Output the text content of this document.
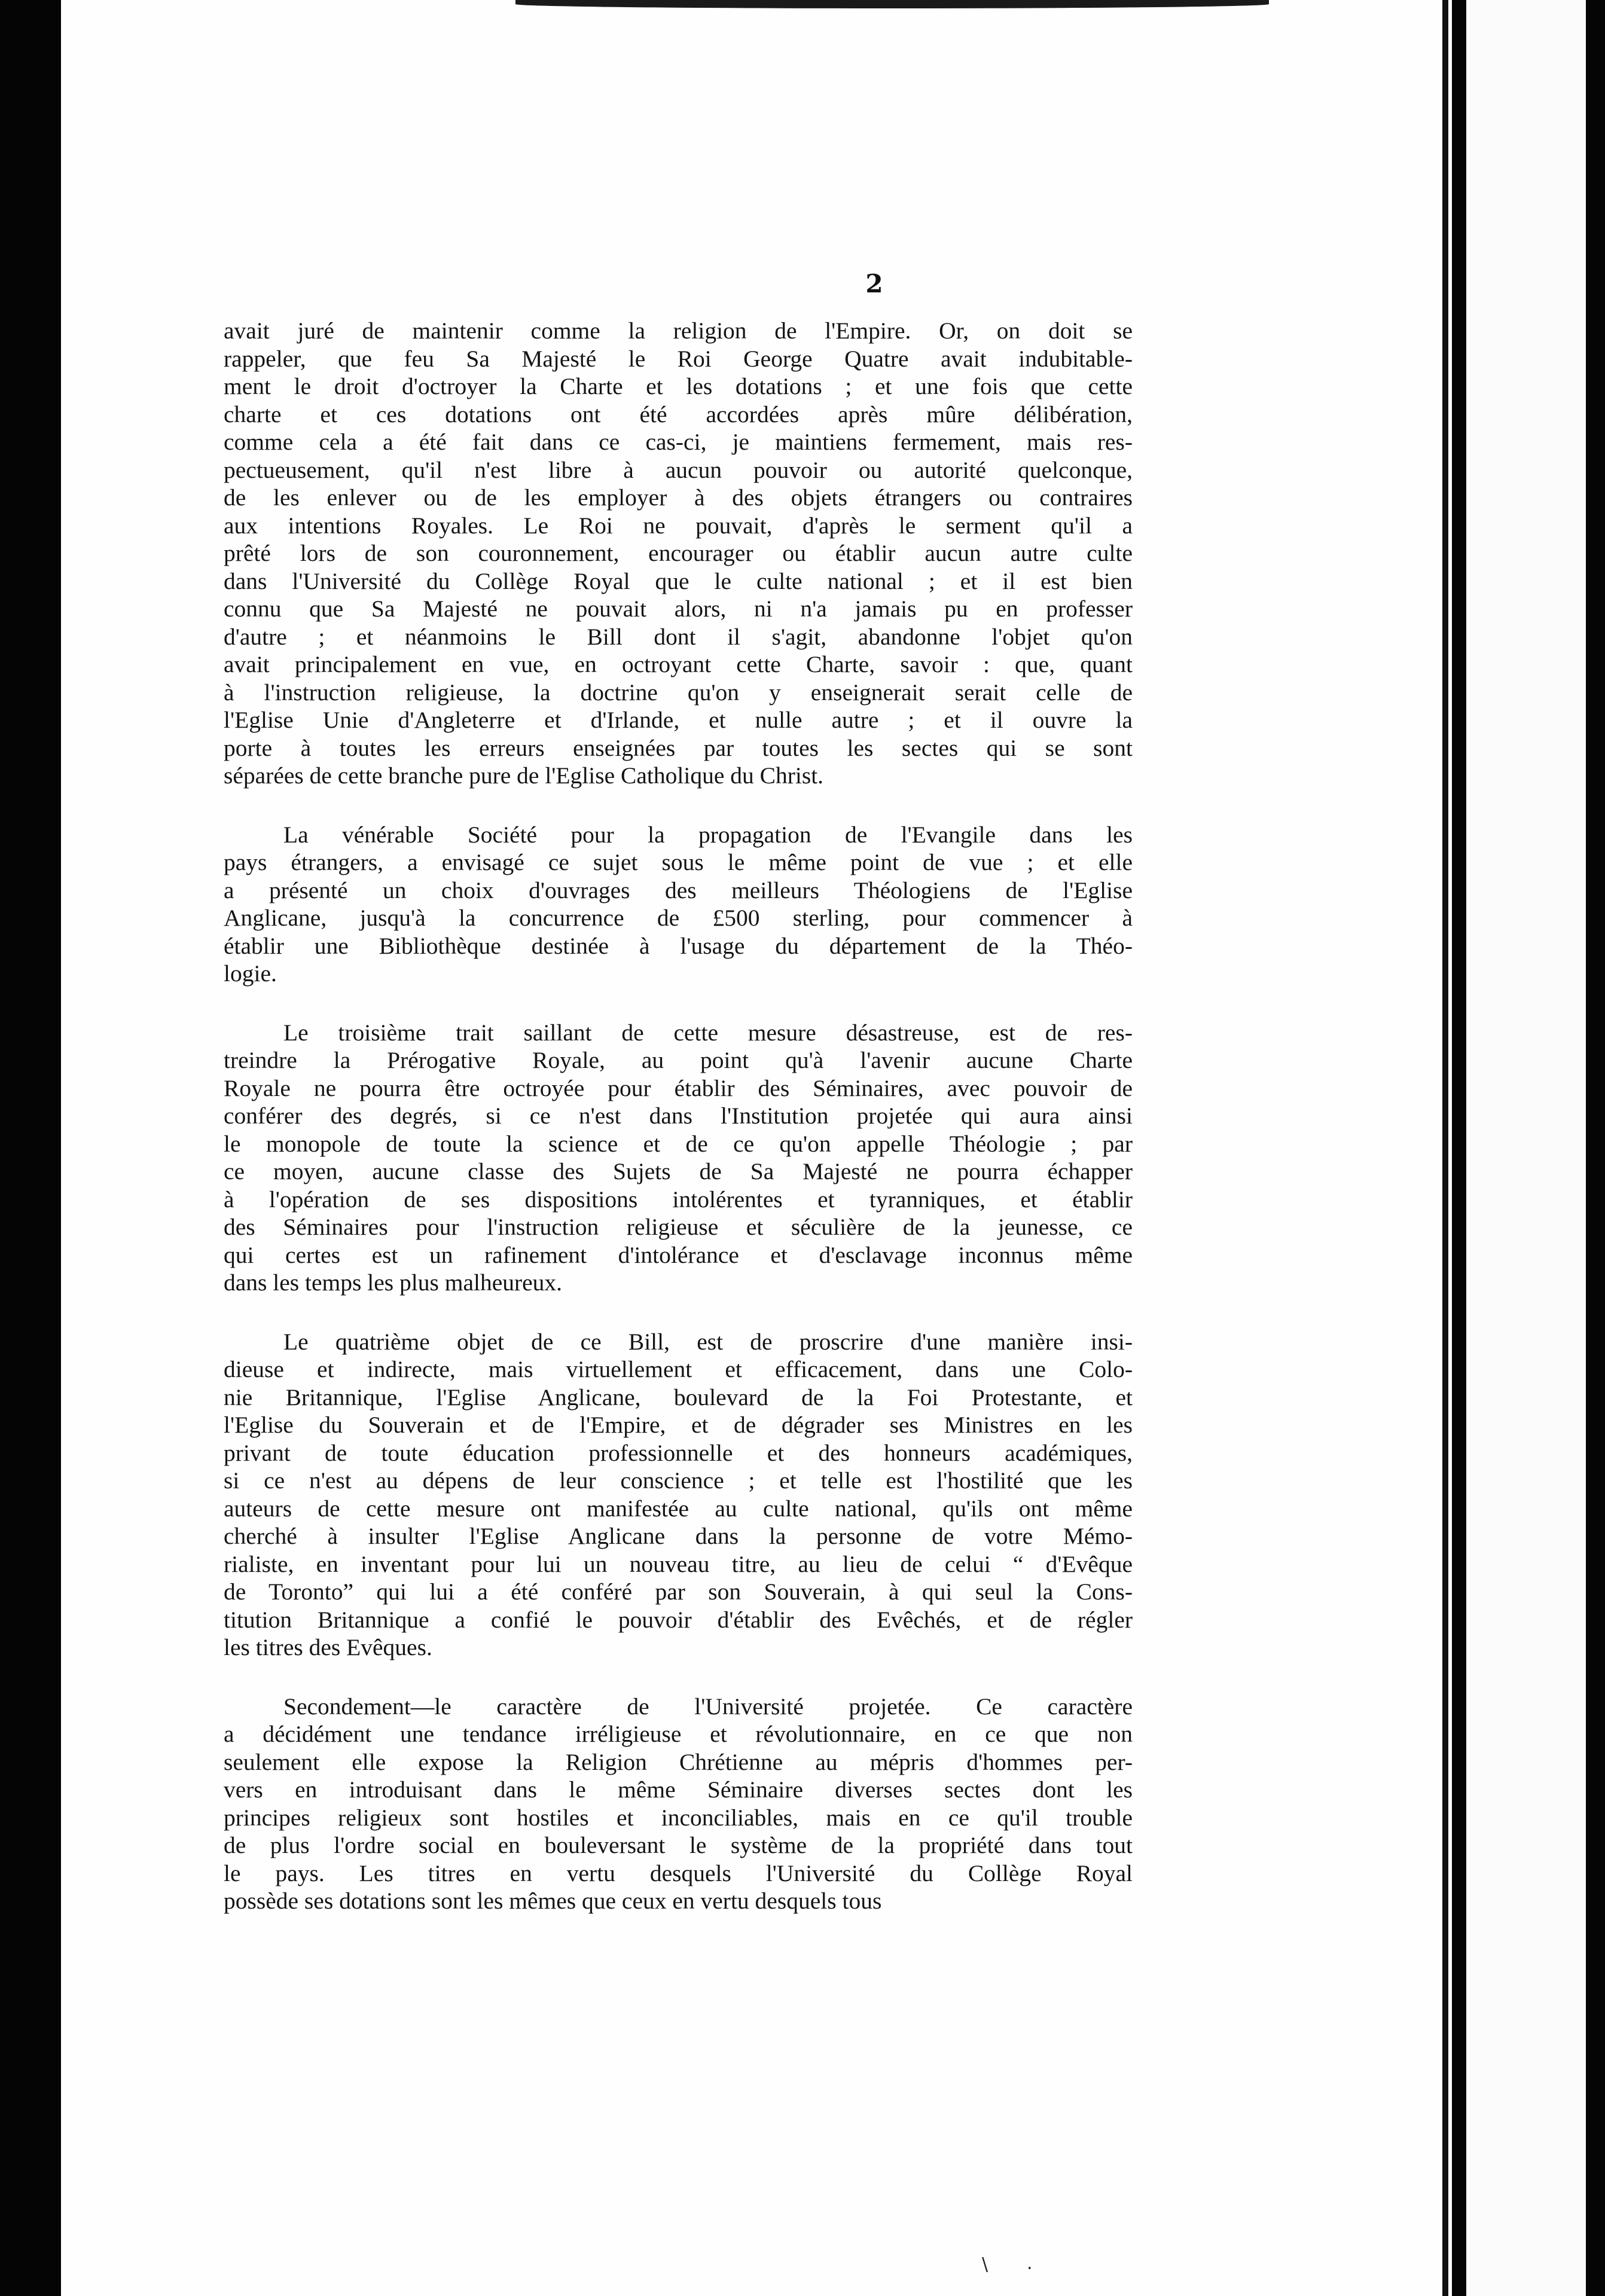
2
avait juré de maintenir comme la religion de l'Empire. Or, on doit se
rappeler, que feu Sa Majesté le Roi George Quatre avait indubitable-
ment le droit d'octroyer la Charte et les dotations ; et une fois que cette
charte et ces dotations ont été accordées après mûre délibération,
comme cela a été fait dans ce cas-ci, je maintiens fermement, mais res-
pectueusement, qu'il n'est libre à aucun pouvoir ou autorité quelconque,
de les enlever ou de les employer à des objets étrangers ou contraires
aux intentions Royales. Le Roi ne pouvait, d'après le serment qu'il a
prêté lors de son couronnement, encourager ou établir aucun autre culte
dans l'Université du Collège Royal que le culte national ; et il est bien
connu que Sa Majesté ne pouvait alors, ni n'a jamais pu en professer
d'autre ; et néanmoins le Bill dont il s'agit, abandonne l'objet qu'on
avait principalement en vue, en octroyant cette Charte, savoir : que, quant
à l'instruction religieuse, la doctrine qu'on y enseignerait serait celle de
l'Eglise Unie d'Angleterre et d'Irlande, et nulle autre ; et il ouvre la
porte à toutes les erreurs enseignées par toutes les sectes qui se sont
séparées de cette branche pure de l'Eglise Catholique du Christ.
La vénérable Société pour la propagation de l'Evangile dans les
pays étrangers, a envisagé ce sujet sous le même point de vue ; et elle
a présenté un choix d'ouvrages des meilleurs Théologiens de l'Eglise
Anglicane, jusqu'à la concurrence de £500 sterling, pour commencer à
établir une Bibliothèque destinée à l'usage du département de la Théo-
logie.
Le troisième trait saillant de cette mesure désastreuse, est de res-
treindre la Prérogative Royale, au point qu'à l'avenir aucune Charte
Royale ne pourra être octroyée pour établir des Séminaires, avec pouvoir de
conférer des degrés, si ce n'est dans l'Institution projetée qui aura ainsi
le monopole de toute la science et de ce qu'on appelle Théologie ; par
ce moyen, aucune classe des Sujets de Sa Majesté ne pourra échapper
à l'opération de ses dispositions intolérentes et tyranniques, et établir
des Séminaires pour l'instruction religieuse et séculière de la jeunesse, ce
qui certes est un rafinement d'intolérance et d'esclavage inconnus même
dans les temps les plus malheureux.
Le quatrième objet de ce Bill, est de proscrire d'une manière insi-
dieuse et indirecte, mais virtuellement et efficacement, dans une Colo-
nie Britannique, l'Eglise Anglicane, boulevard de la Foi Protestante, et
l'Eglise du Souverain et de l'Empire, et de dégrader ses Ministres en les
privant de toute éducation professionnelle et des honneurs académiques,
si ce n'est au dépens de leur conscience ; et telle est l'hostilité que les
auteurs de cette mesure ont manifestée au culte national, qu'ils ont même
cherché à insulter l'Eglise Anglicane dans la personne de votre Mémo-
rialiste, en inventant pour lui un nouveau titre, au lieu de celui “ d'Evêque
de Toronto” qui lui a été conféré par son Souverain, à qui seul la Cons-
titution Britannique a confié le pouvoir d'établir des Evêchés, et de régler
les titres des Evêques.
Secondement—le caractère de l'Université projetée. Ce caractère
a décidément une tendance irréligieuse et révolutionnaire, en ce que non
seulement elle expose la Religion Chrétienne au mépris d'hommes per-
vers en introduisant dans le même Séminaire diverses sectes dont les
principes religieux sont hostiles et inconciliables, mais en ce qu'il trouble
de plus l'ordre social en bouleversant le système de la propriété dans tout
le pays. Les titres en vertu desquels l'Université du Collège Royal
possède ses dotations sont les mêmes que ceux en vertu desquels tous
\ .
